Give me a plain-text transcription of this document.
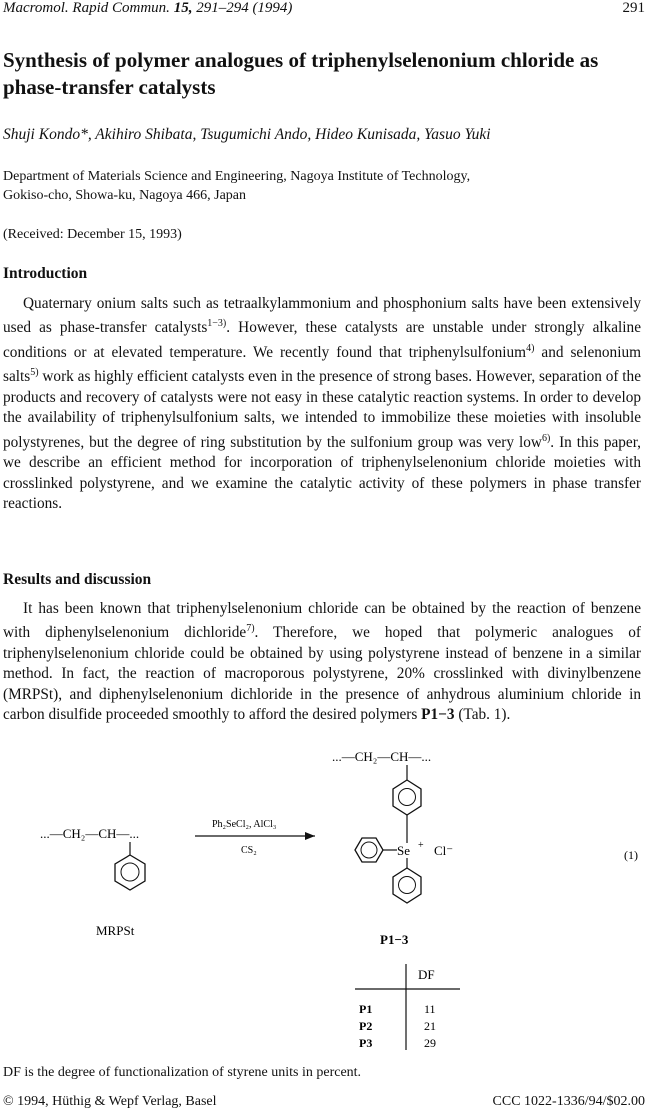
Macromol. Rapid Commun. 15, 291–294 (1994)	291
Synthesis of polymer analogues of triphenylselenonium chloride as phase-transfer catalysts
Shuji Kondo*, Akihiro Shibata, Tsugumichi Ando, Hideo Kunisada, Yasuo Yuki
Department of Materials Science and Engineering, Nagoya Institute of Technology,
Gokiso-cho, Showa-ku, Nagoya 466, Japan
(Received: December 15, 1993)
Introduction
Quaternary onium salts such as tetraalkylammonium and phosphonium salts have been extensively used as phase-transfer catalysts$^{1-3)}$. However, these catalysts are unstable under strongly alkaline conditions or at elevated temperature. We recently found that triphenylsulfonium$^{4)}$ and selenonium salts$^{5)}$ work as highly efficient catalysts even in the presence of strong bases. However, separation of the products and recovery of catalysts were not easy in these catalytic reaction systems. In order to develop the availability of triphenylsulfonium salts, we intended to immobilize these moieties with insoluble polystyrenes, but the degree of ring substitution by the sulfonium group was very low$^{6)}$. In this paper, we describe an efficient method for incorporation of triphenylselenonium chloride moieties with crosslinked polystyrene, and we examine the catalytic activity of these polymers in phase transfer reactions.
Results and discussion
It has been known that triphenylselenonium chloride can be obtained by the reaction of benzene with diphenylselenonium dichloride$^{7)}$. Therefore, we hoped that polymeric analogues of triphenylselenonium chloride could be obtained by using polystyrene instead of benzene in a similar method. In fact, the reaction of macroporous polystyrene, 20% crosslinked with divinylbenzene (MRPSt), and diphenylselenonium dichloride in the presence of anhydrous aluminium chloride in carbon disulfide proceeded smoothly to afford the desired polymers P1−3 (Tab. 1).
...—CH₂—CH—...
MRPSt
Ph₂SeCl₂, AlCl₃
CS₂
...—CH₂—CH—...
Se + Cl⁻	(1)
P1−3
DF
P1	11
P2	21
P3	29
DF is the degree of functionalization of styrene units in percent.
© 1994, Hüthig & Wepf Verlag, Basel	CCC 1022-1336/94/$02.00
